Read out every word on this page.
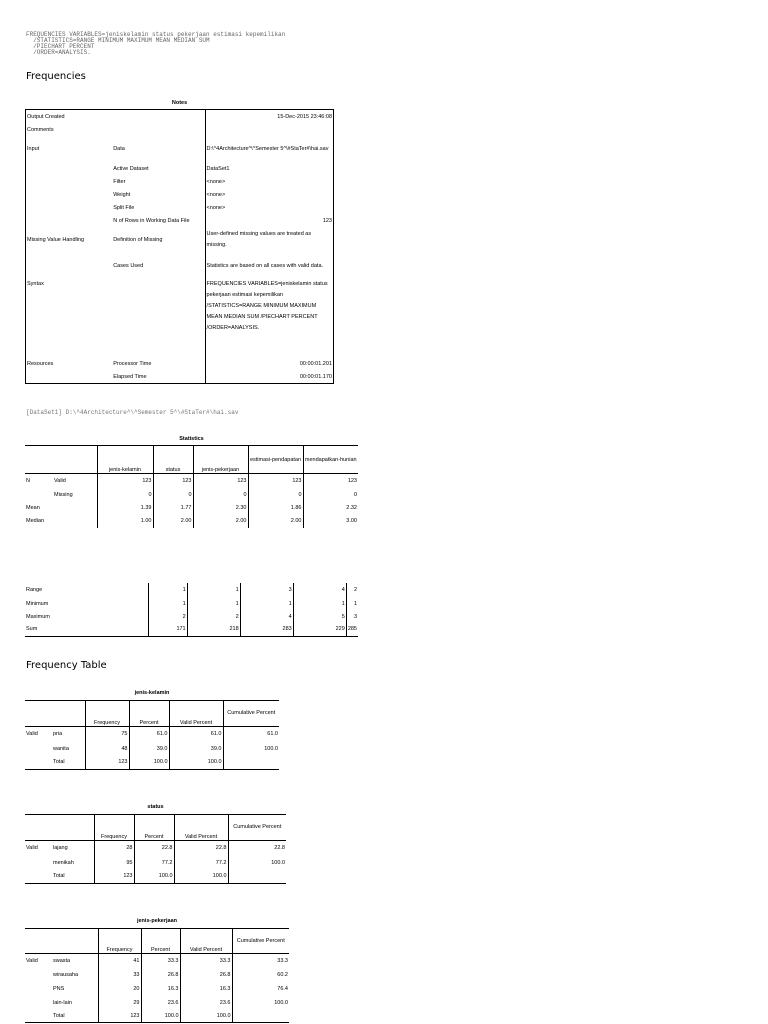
FREQUENCIES VARIABLES=jeniskelamin status pekerjaan estimasi kepemilikan
/STATISTICS=RANGE MINIMUM MAXIMUM MEAN MEDIAN SUM
/PIECHART PERCENT
/ORDER=ANALYSIS.
Frequencies
Notes
Output Created		15-Dec-2015 23:46:08
Comments		
Input	Data	D:\^4Architecture^\^Semester 5^\#StaTer#\hai.sav
	Active Dataset	DataSet1
	Filter	<none>
	Weight	<none>
	Split File	<none>
	N of Rows in Working Data File	123
Missing Value Handling	Definition of Missing	User-defined missing values are treated as missing.
	Cases Used	Statistics are based on all cases with valid data.
Syntax		FREQUENCIES VARIABLES=jeniskelamin status pekerjaan estimasi kepemilikan /STATISTICS=RANGE MINIMUM MAXIMUM MEAN MEDIAN SUM /PIECHART PERCENT /ORDER=ANALYSIS.
Resources	Processor Time	00:00:01.201
	Elapsed Time	00:00:01.170
[DataSet1] D:\^4Architecture^\^Semester 5^\#StaTer#\hai.sav
Statistics
		jenis-kelamin	status	jenis-pekerjaan	estimasi-pendapatan	mendapatkan-hunian
N	Valid	123	123	123	123	123
	Missing	0	0	0	0	0
Mean		1.39	1.77	2.30	1.86	2.32
Median		1.00	2.00	2.00	2.00	3.00
Range	1	1	3	4	2
Minimum	1	1	1	1	1
Maximum	2	2	4	5	3
Sum	171	218	283	229	285
Frequency Table
jenis-kelamin
		Frequency	Percent	Valid Percent	Cumulative Percent
Valid	pria	75	61.0	61.0	61.0
	wanita	48	39.0	39.0	100.0
	Total	123	100.0	100.0	
status
		Frequency	Percent	Valid Percent	Cumulative Percent
Valid	lajang	28	22.8	22.8	22.8
	menikah	95	77.2	77.2	100.0
	Total	123	100.0	100.0	
jenis-pekerjaan
		Frequency	Percent	Valid Percent	Cumulative Percent
Valid	swasta	41	33.3	33.3	33.3
	wirausaha	33	26.8	26.8	60.2
	PNS	20	16.3	16.3	76.4
	lain-lain	29	23.6	23.6	100.0
	Total	123	100.0	100.0	
